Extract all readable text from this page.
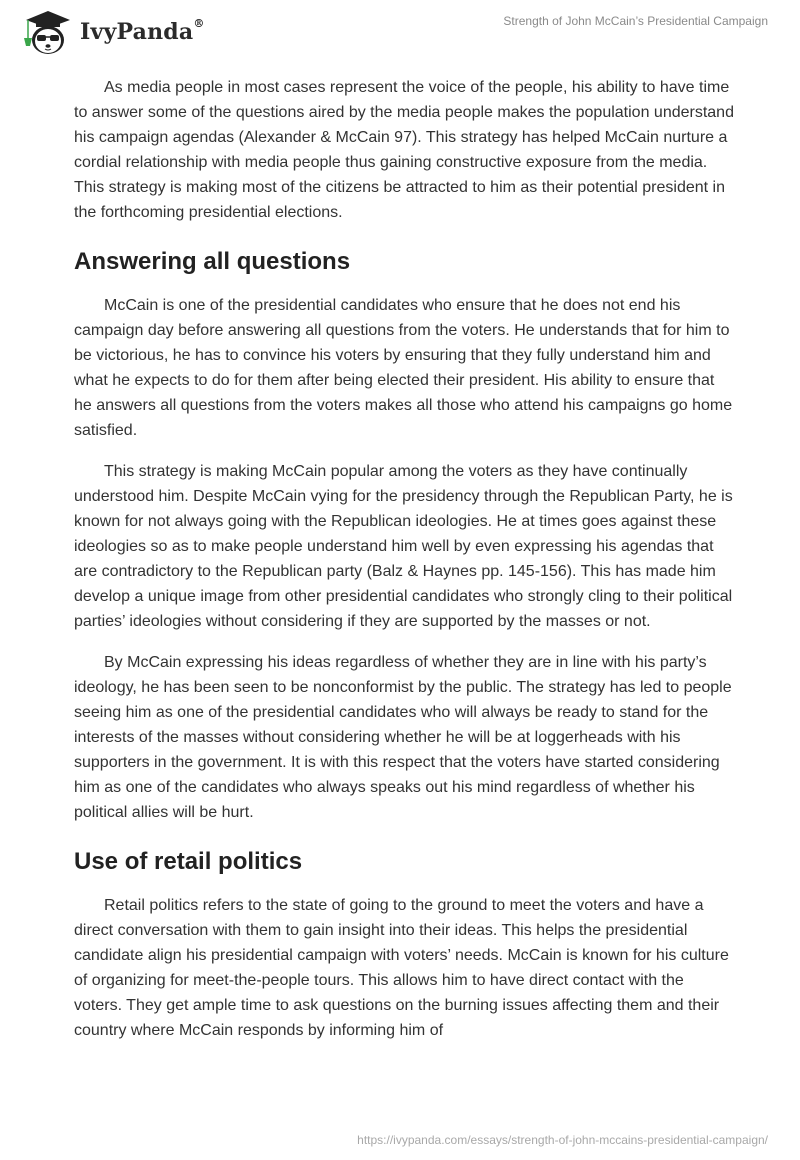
IvyPanda®	Strength of John McCain’s Presidential Campaign

As media people in most cases represent the voice of the people, his ability to have time to answer some of the questions aired by the media people makes the population understand his campaign agendas (Alexander & McCain 97). This strategy has helped McCain nurture a cordial relationship with media people thus gaining constructive exposure from the media. This strategy is making most of the citizens be attracted to him as their potential president in the forthcoming presidential elections.

Answering all questions

McCain is one of the presidential candidates who ensure that he does not end his campaign day before answering all questions from the voters. He understands that for him to be victorious, he has to convince his voters by ensuring that they fully understand him and what he expects to do for them after being elected their president. His ability to ensure that he answers all questions from the voters makes all those who attend his campaigns go home satisfied.

This strategy is making McCain popular among the voters as they have continually understood him. Despite McCain vying for the presidency through the Republican Party, he is known for not always going with the Republican ideologies. He at times goes against these ideologies so as to make people understand him well by even expressing his agendas that are contradictory to the Republican party (Balz & Haynes pp. 145-156). This has made him develop a unique image from other presidential candidates who strongly cling to their political parties’ ideologies without considering if they are supported by the masses or not.

By McCain expressing his ideas regardless of whether they are in line with his party’s ideology, he has been seen to be nonconformist by the public. The strategy has led to people seeing him as one of the presidential candidates who will always be ready to stand for the interests of the masses without considering whether he will be at loggerheads with his supporters in the government. It is with this respect that the voters have started considering him as one of the candidates who always speaks out his mind regardless of whether his political allies will be hurt.

Use of retail politics

Retail politics refers to the state of going to the ground to meet the voters and have a direct conversation with them to gain insight into their ideas. This helps the presidential candidate align his presidential campaign with voters’ needs. McCain is known for his culture of organizing for meet-the-people tours. This allows him to have direct contact with the voters. They get ample time to ask questions on the burning issues affecting them and their country where McCain responds by informing him of

https://ivypanda.com/essays/strength-of-john-mccains-presidential-campaign/
